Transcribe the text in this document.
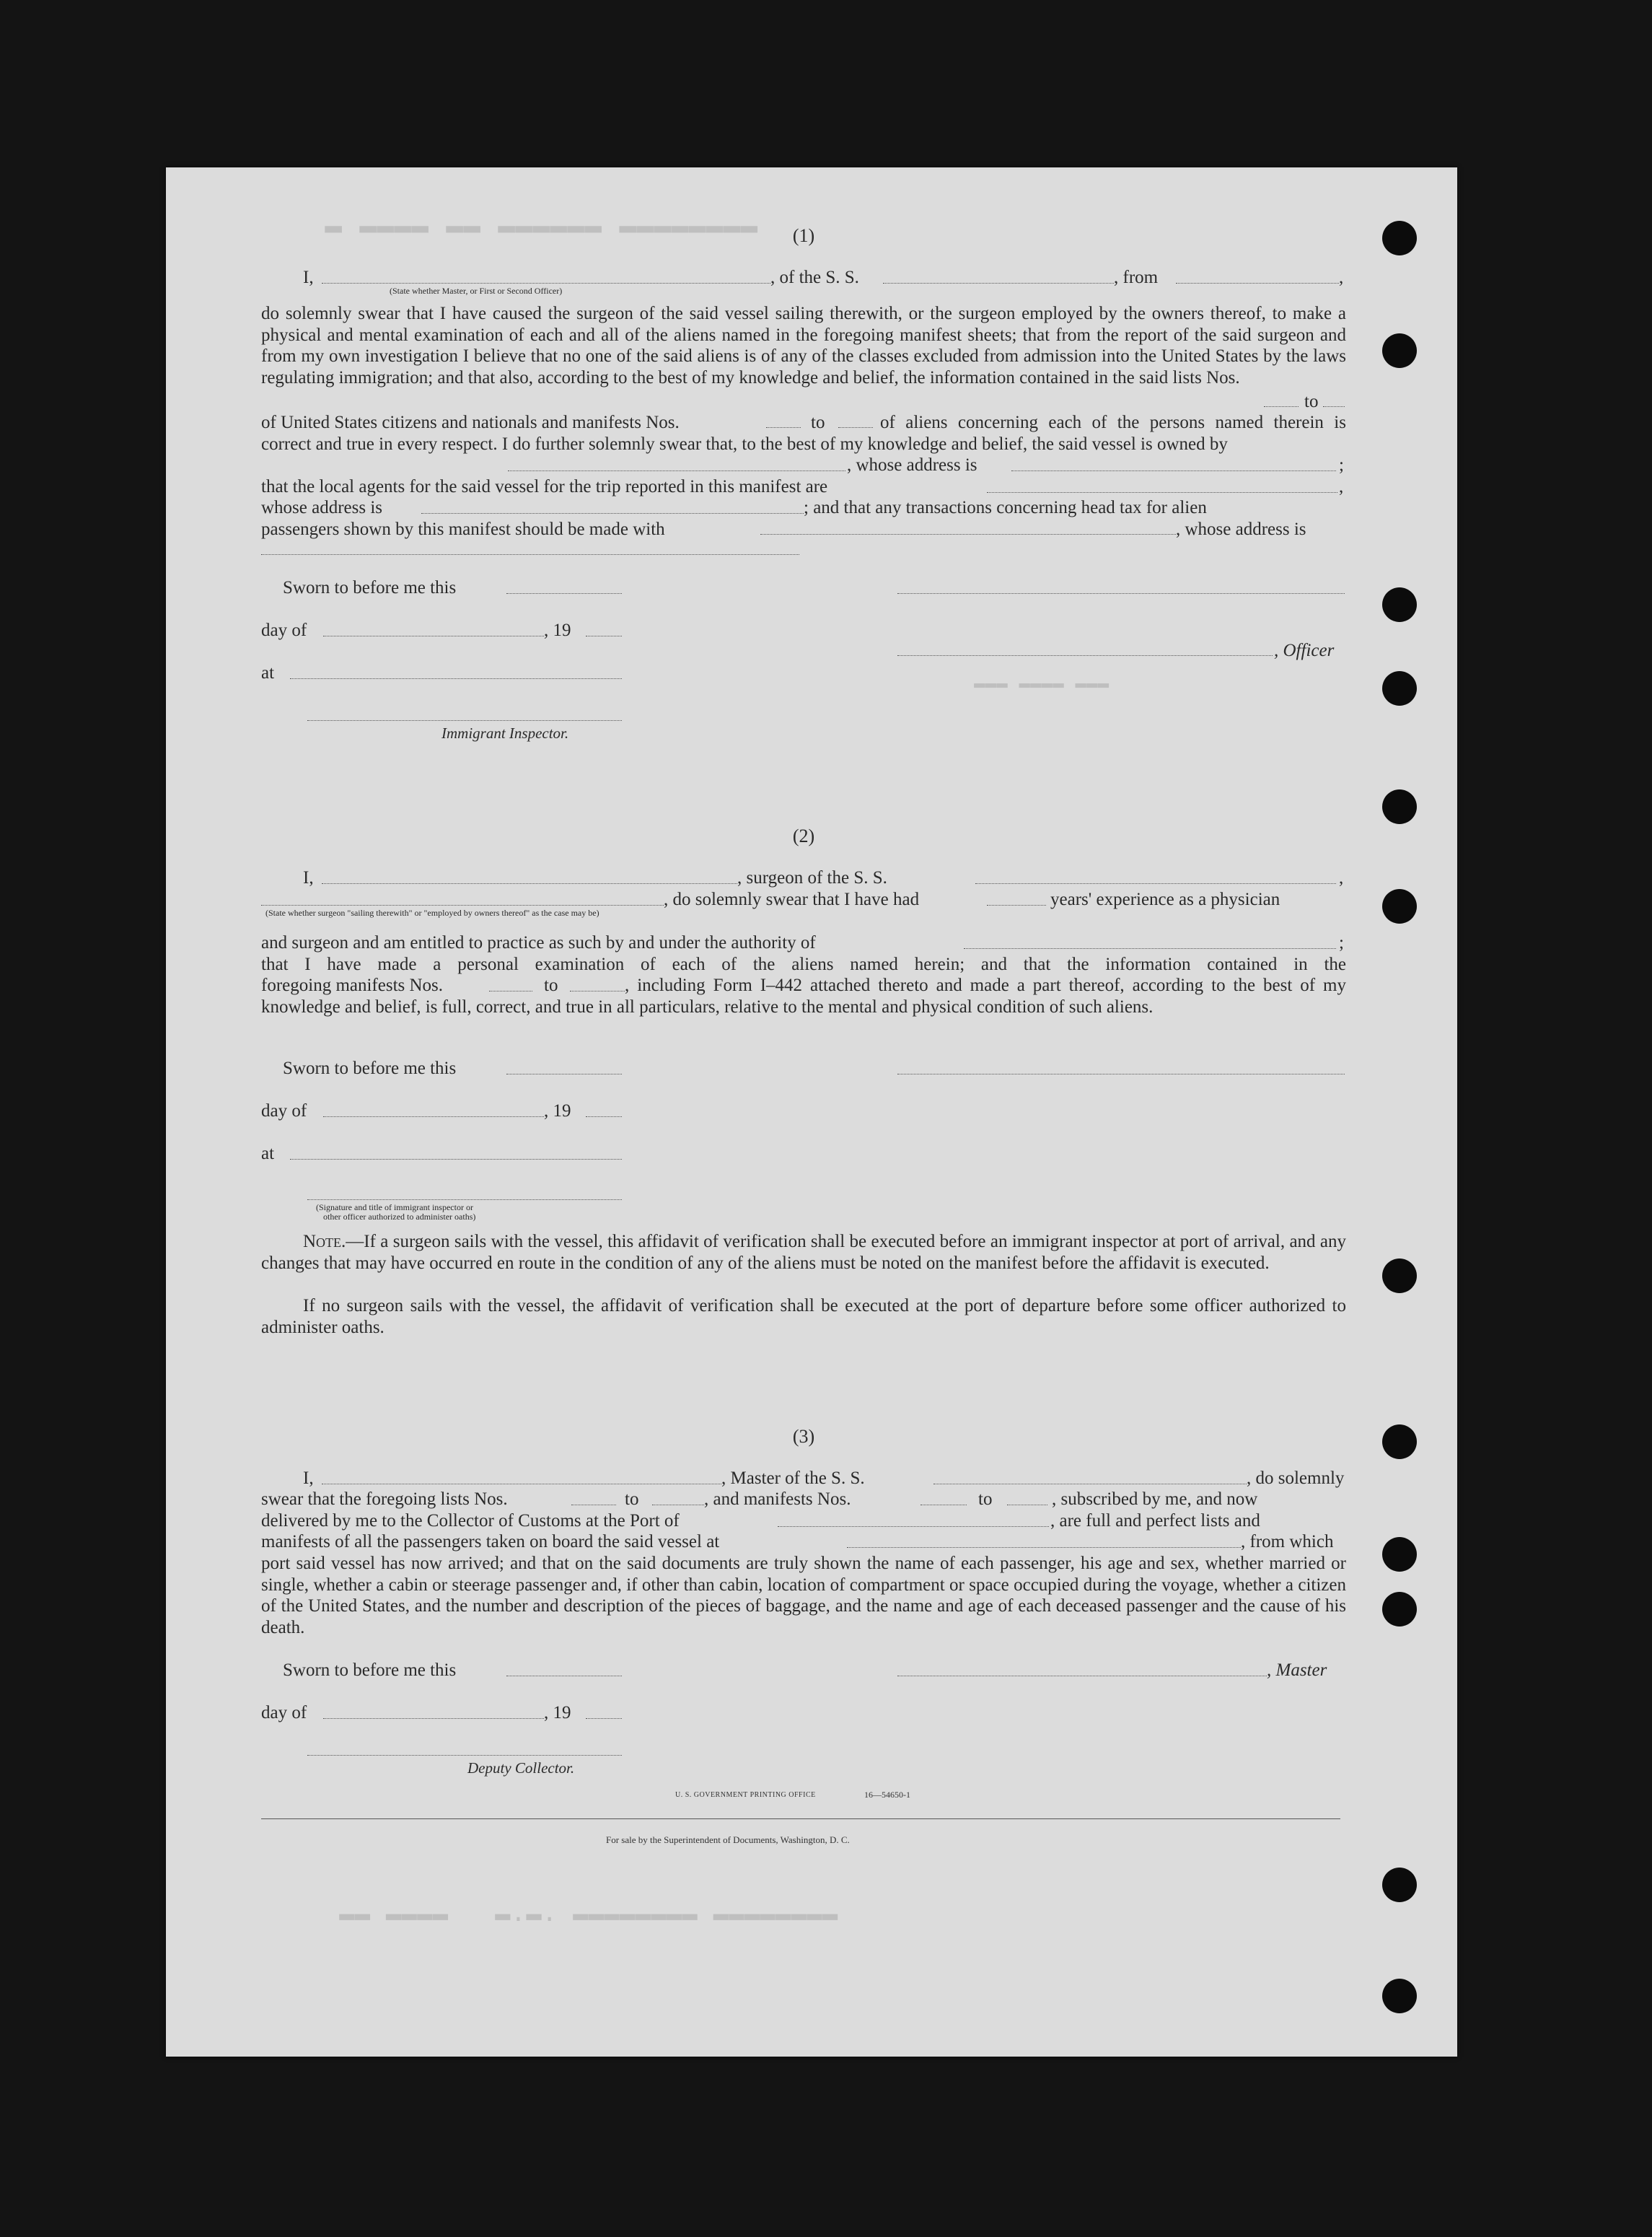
▬ ▬▬▬▬ ▬▬ ▬▬▬▬▬▬ ▬▬▬▬▬▬▬▬
▬▬▬ ▬▬▬▬ ▬▬▬
▬▬ ▬▬▬▬   ▬.▬. ▬▬▬▬▬▬▬▬ ▬▬▬▬▬▬▬▬
(1)
I,
(State whether Master, or First or Second Officer)
, of the S. S.	, from	,
do solemnly swear that I have caused the surgeon of the said vessel sailing therewith, or the surgeon employed by the owners thereof, to make a physical and mental examination of each and all of the aliens named in the foregoing manifest sheets; that from the report of the said surgeon and from my own investigation I believe that no one of the said aliens is of any of the classes excluded from admission into the United States by the laws regulating immigration; and that also, according to the best of my knowledge and belief, the information contained in the said lists Nos.
to
of United States citizens and nationals and manifests Nos.	to	of aliens concerning each of the persons named therein is correct and true in every respect. I do further solemnly swear that, to the best of my knowledge and belief, the said vessel is owned by
, whose address is	;
that the local agents for the said vessel for the trip reported in this manifest are	,
whose address is	; and that any transactions concerning head tax for alien
passengers shown by this manifest should be made with	, whose address is
Sworn to before me this
day of	, 19
, Officer
at
Immigrant Inspector.
(2)
I,	, surgeon of the S. S.	,
, do solemnly swear that I have had	years' experience as a physician
(State whether surgeon "sailing therewith" or "employed by owners thereof" as the case may be)
and surgeon and am entitled to practice as such by and under the authority of	;
that I have made a personal examination of each of the aliens named herein; and that the information contained in the
foregoing manifests Nos.	to	, including Form I–442 attached thereto and made a part thereof, according to the best of my knowledge and belief, is full, correct, and true in all particulars, relative to the mental and physical condition of such aliens.
Sworn to before me this
day of	, 19
at
(Signature and title of immigrant inspector or
other officer authorized to administer oaths)
Note.—If a surgeon sails with the vessel, this affidavit of verification shall be executed before an immigrant inspector at port of arrival, and any changes that may have occurred en route in the condition of any of the aliens must be noted on the manifest before the affidavit is executed.
If no surgeon sails with the vessel, the affidavit of verification shall be executed at the port of departure before some officer authorized to administer oaths.
(3)
I,	, Master of the S. S.	, do solemnly
swear that the foregoing lists Nos.	to	, and manifests Nos.	to	, subscribed by me, and now
delivered by me to the Collector of Customs at the Port of	, are full and perfect lists and
manifests of all the passengers taken on board the said vessel at	, from which
port said vessel has now arrived; and that on the said documents are truly shown the name of each passenger, his age and sex, whether married or single, whether a cabin or steerage passenger and, if other than cabin, location of compartment or space occupied during the voyage, whether a citizen of the United States, and the number and description of the pieces of baggage, and the name and age of each deceased passenger and the cause of his death.
Sworn to before me this	, Master
day of	, 19
Deputy Collector.
U. S. GOVERNMENT PRINTING OFFICE	16—54650-1
For sale by the Superintendent of Documents, Washington, D. C.
